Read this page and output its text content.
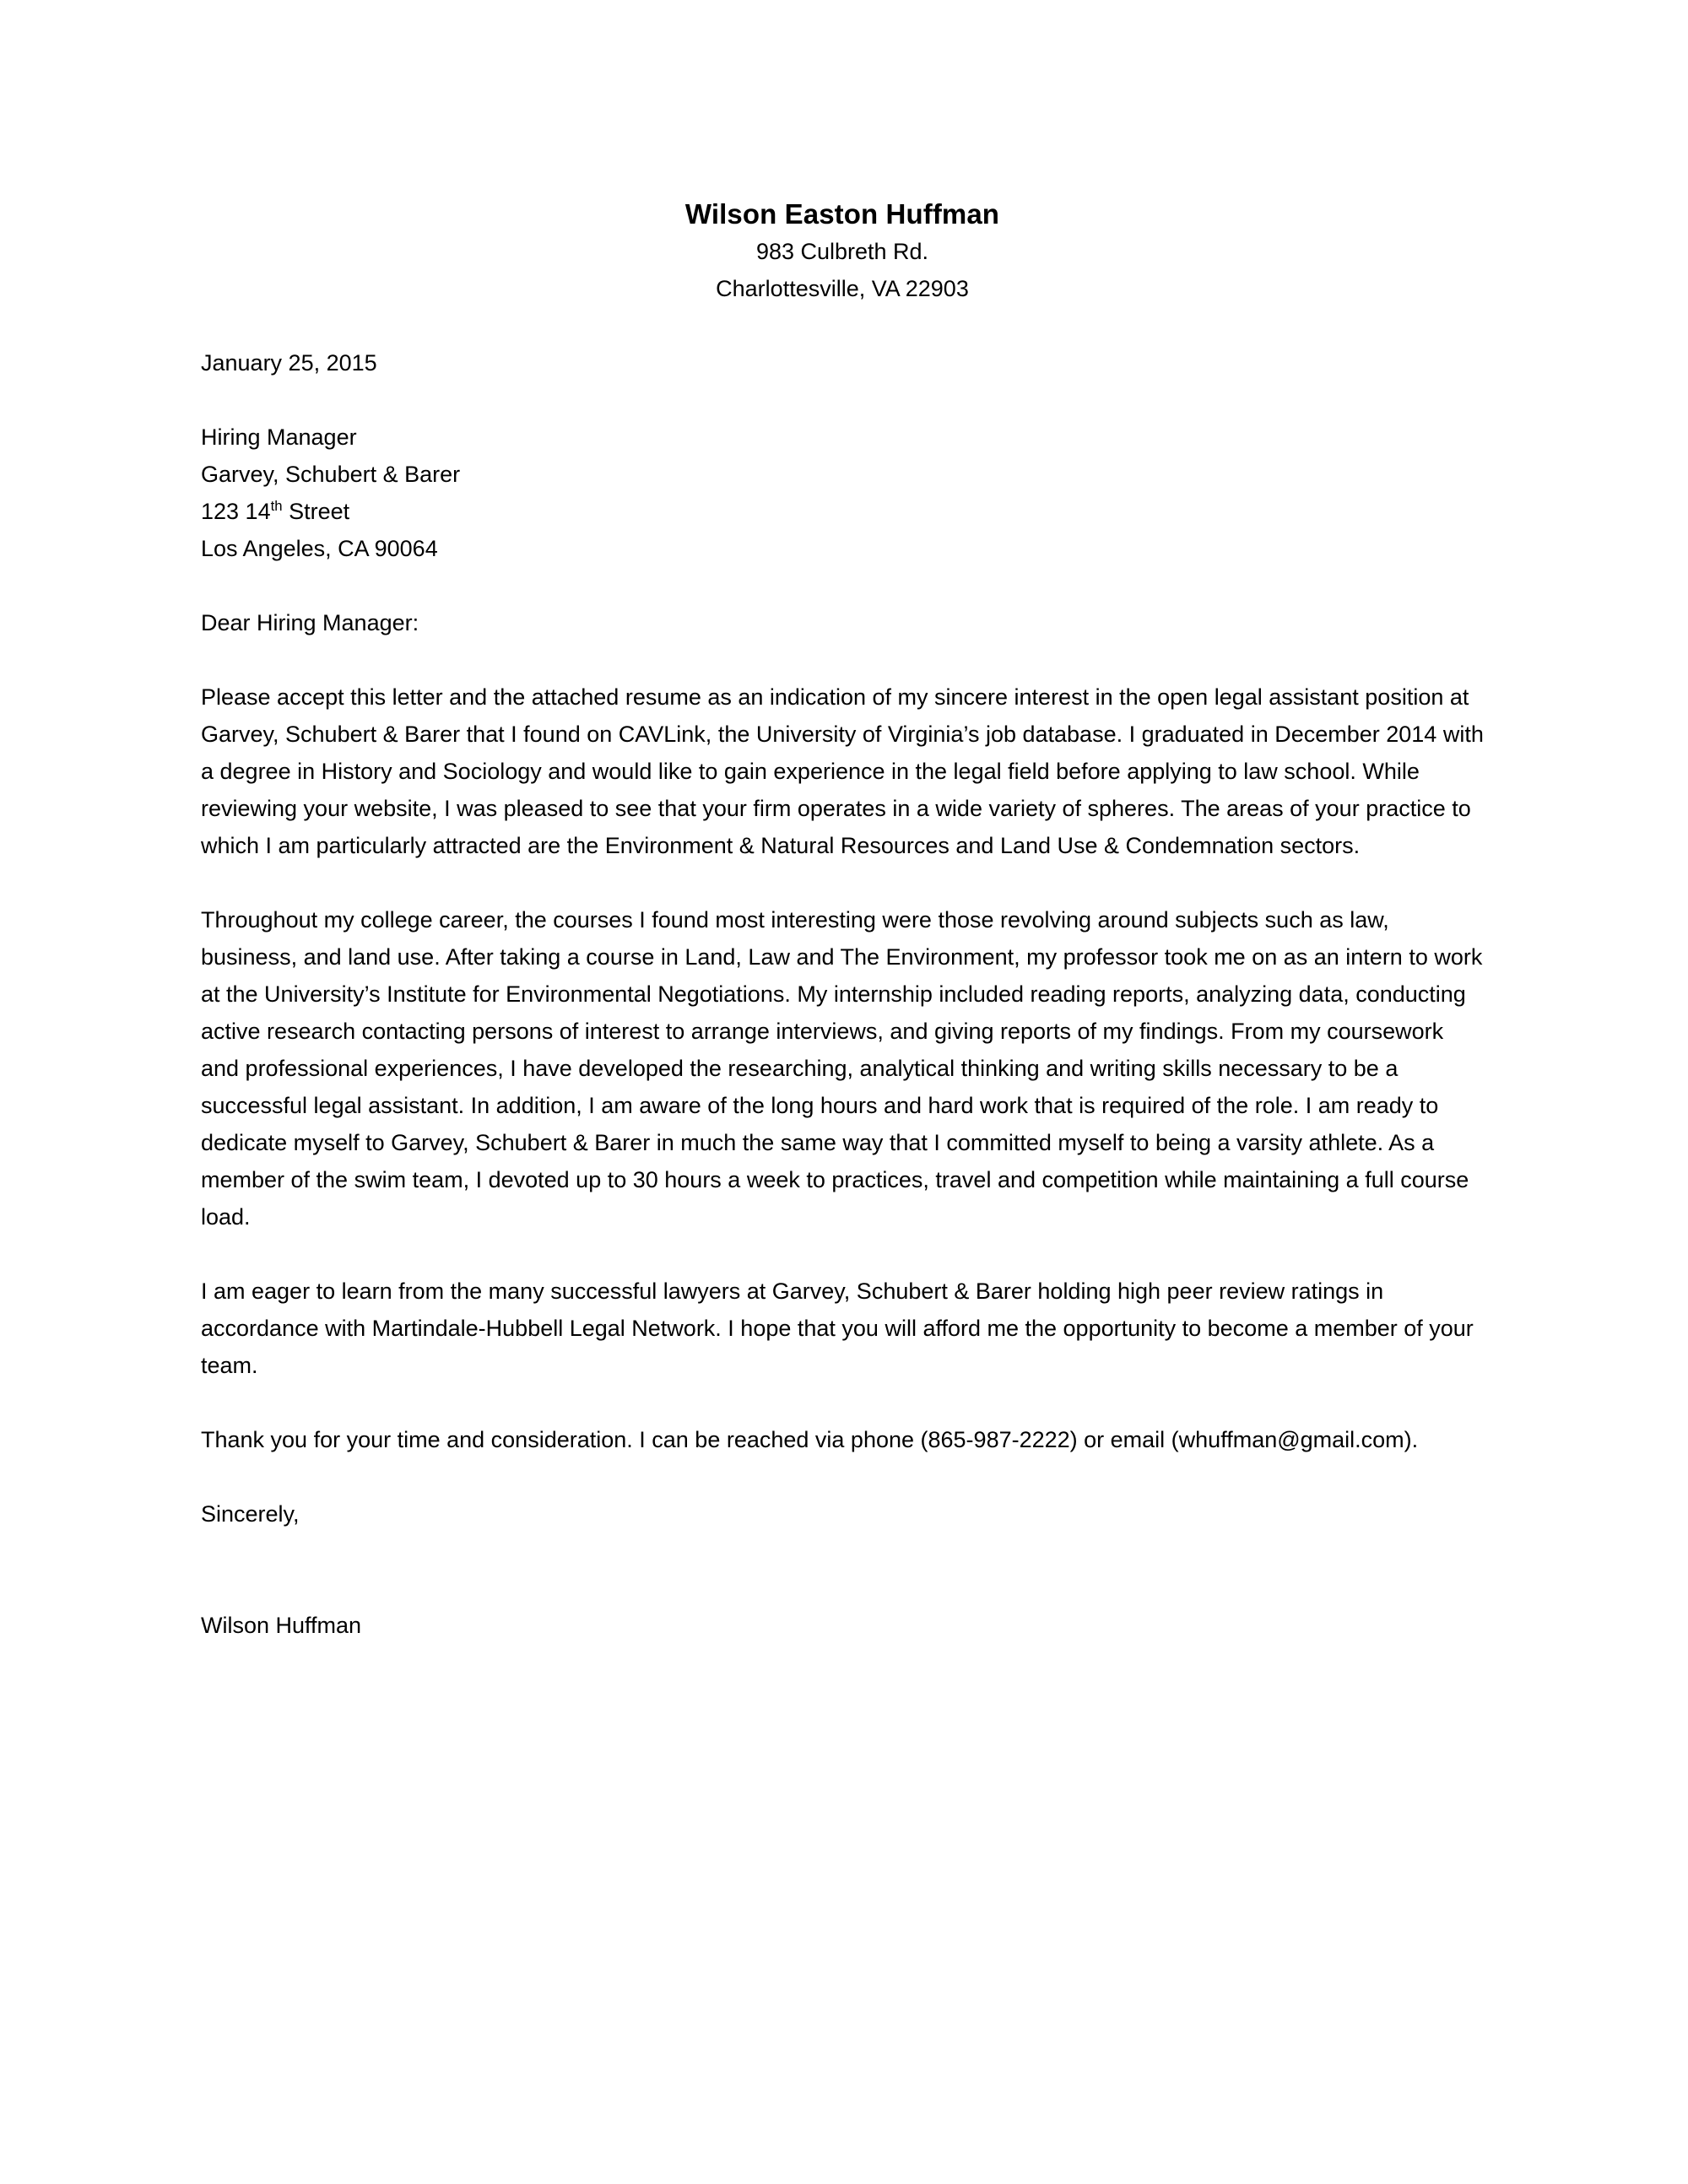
Wilson Easton Huffman
983 Culbreth Rd.
Charlottesville, VA 22903
January 25, 2015
Hiring Manager
Garvey, Schubert & Barer
123 14th Street
Los Angeles, CA 90064
Dear Hiring Manager:

Please accept this letter and the attached resume as an indication of my sincere interest in the open legal assistant position at Garvey, Schubert & Barer that I found on CAVLink, the University of Virginia’s job database. I graduated in December 2014 with a degree in History and Sociology and would like to gain experience in the legal field before applying to law school. While reviewing your website, I was pleased to see that your firm operates in a wide variety of spheres. The areas of your practice to which I am particularly attracted are the Environment & Natural Resources and Land Use & Condemnation sectors.

Throughout my college career, the courses I found most interesting were those revolving around subjects such as law, business, and land use. After taking a course in Land, Law and The Environment, my professor took me on as an intern to work at the University’s Institute for Environmental Negotiations. My internship included reading reports, analyzing data, conducting active research contacting persons of interest to arrange interviews, and giving reports of my findings. From my coursework and professional experiences, I have developed the researching, analytical thinking and writing skills necessary to be a successful legal assistant. In addition, I am aware of the long hours and hard work that is required of the role. I am ready to dedicate myself to Garvey, Schubert & Barer in much the same way that I committed myself to being a varsity athlete. As a member of the swim team, I devoted up to 30 hours a week to practices, travel and competition while maintaining a full course load.

I am eager to learn from the many successful lawyers at Garvey, Schubert & Barer holding high peer review ratings in accordance with Martindale-Hubbell Legal Network. I hope that you will afford me the opportunity to become a member of your team.

Thank you for your time and consideration. I can be reached via phone (865-987-2222) or email (whuffman@gmail.com).

Sincerely,
Wilson Huffman
